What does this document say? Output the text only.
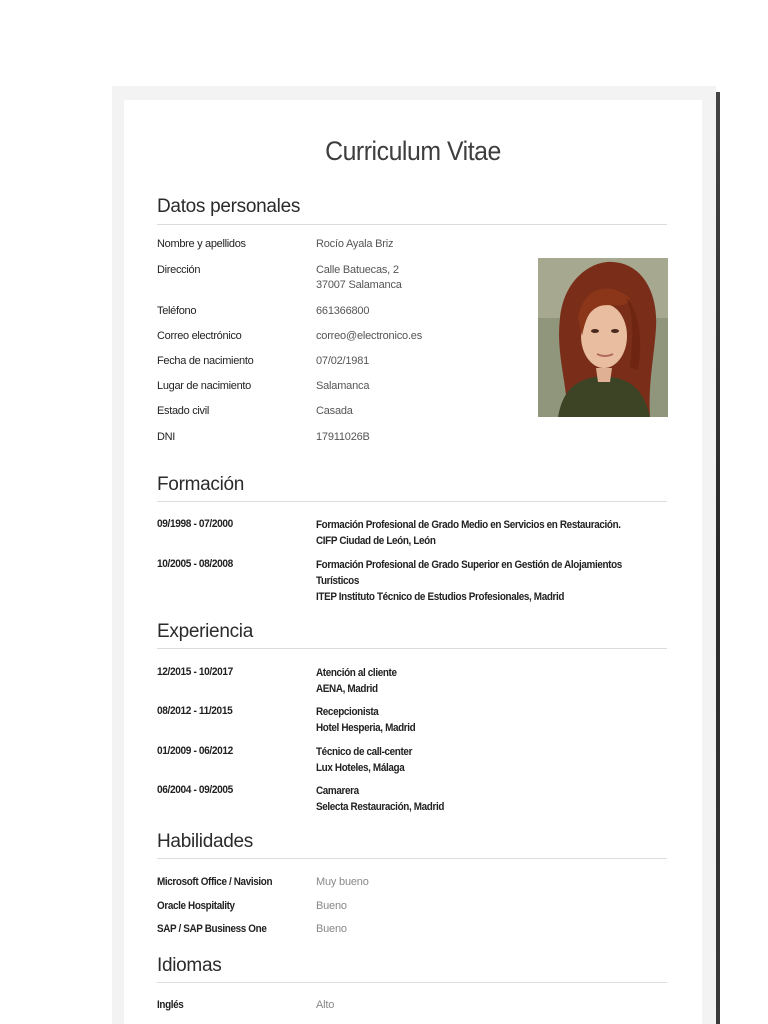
Curriculum Vitae
Datos personales
Nombre y apellidos	Rocío Ayala Briz
Dirección	Calle Batuecas, 2
37007 Salamanca
Teléfono	661366800
Correo electrónico	correo@electronico.es
Fecha de nacimiento	07/02/1981
Lugar de nacimiento	Salamanca
Estado civil	Casada
DNI	17911026B
Formación
09/1998 - 07/2000	Formación Profesional de Grado Medio en Servicios en Restauración.
CIFP Ciudad de León, León
10/2005 - 08/2008	Formación Profesional de Grado Superior en Gestión de Alojamientos
Turísticos
ITEP Instituto Técnico de Estudios Profesionales, Madrid
Experiencia
12/2015 - 10/2017	Atención al cliente
AENA, Madrid
08/2012 - 11/2015	Recepcionista
Hotel Hesperia, Madrid
01/2009 - 06/2012	Técnico de call-center
Lux Hoteles, Málaga
06/2004 - 09/2005	Camarera
Selecta Restauración, Madrid
Habilidades
Microsoft Office / Navision	Muy bueno
Oracle Hospitality	Bueno
SAP / SAP Business One	Bueno
Idiomas
Inglés	Alto
